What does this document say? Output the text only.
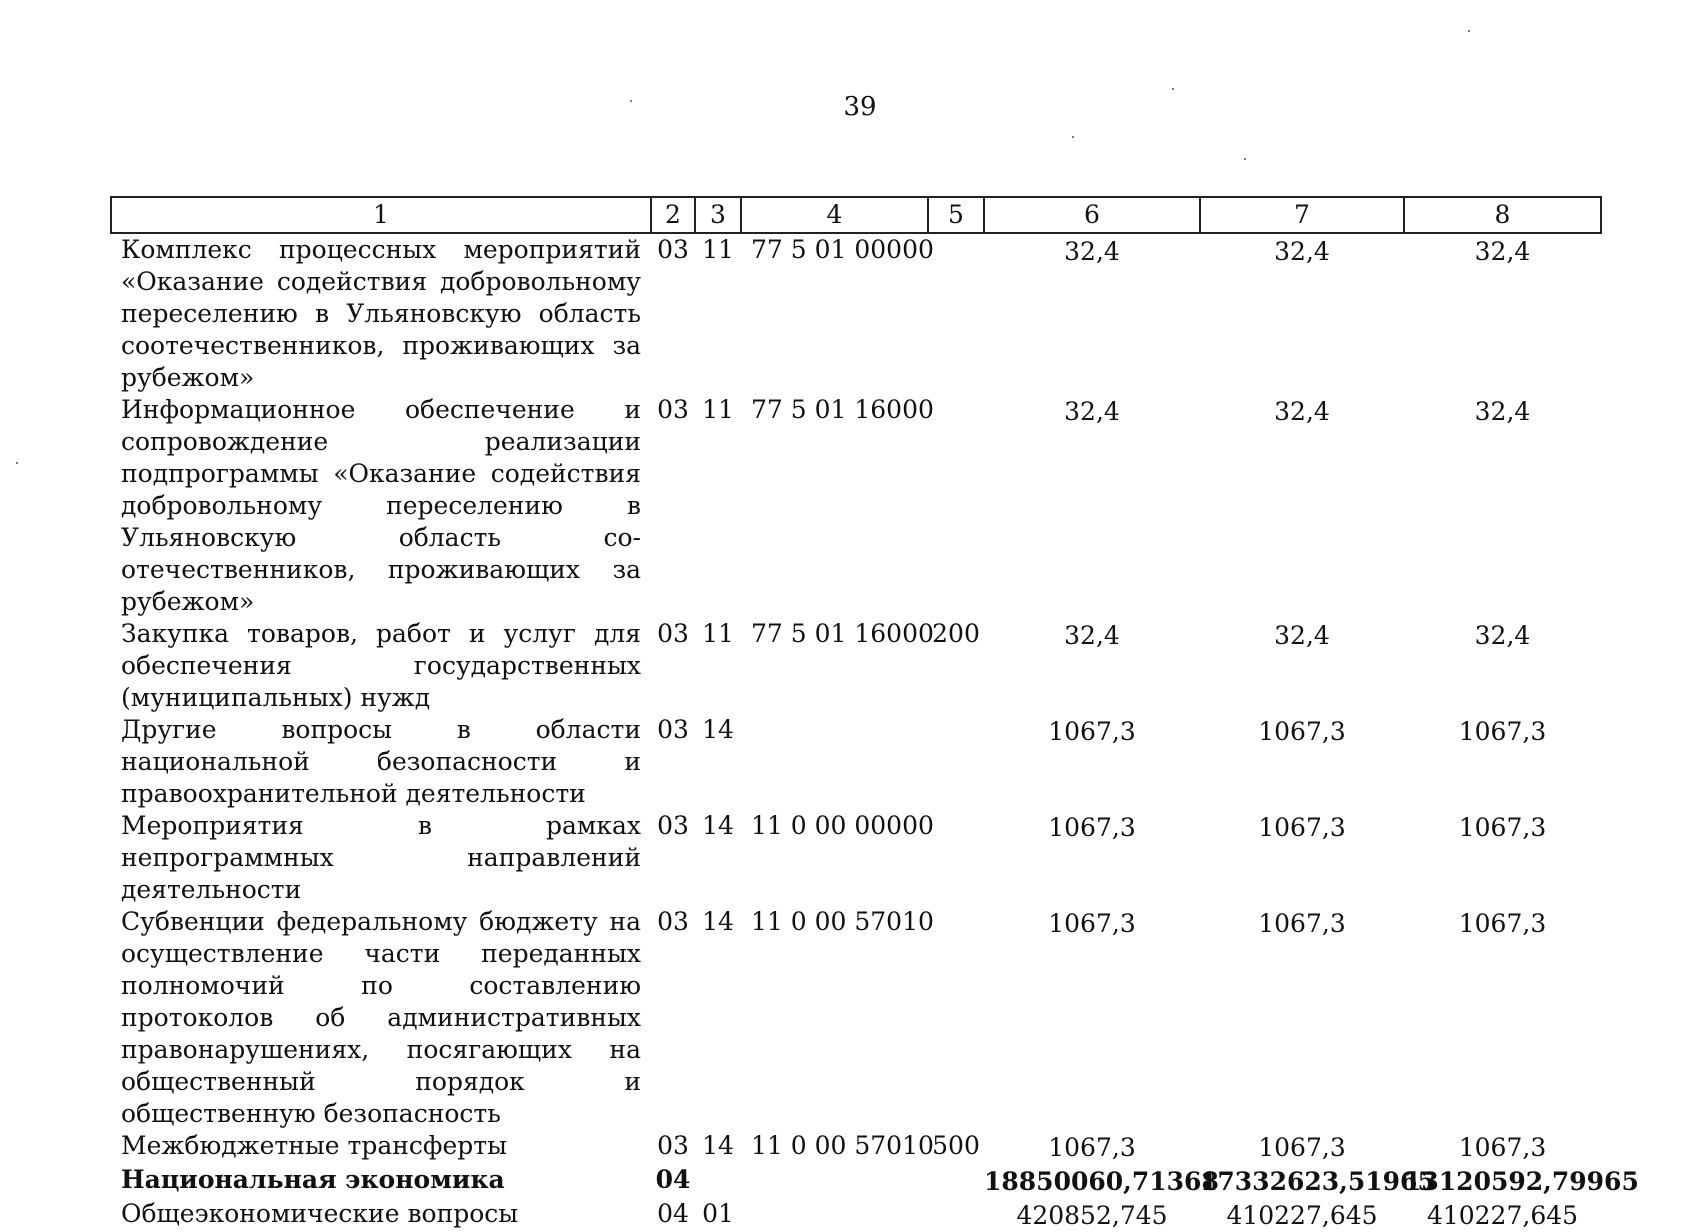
39
1	2	3	4	5	6	7	8
Комплекс процессных мероприятий «Оказание содействия добровольному переселению в Ульяновскую область соотечественников, проживающих за рубежом»	03	11	77 5 01 00000		32,4	32,4	32,4
Информационное обеспечение и сопровождение реализации подпрограммы «Оказание содействия добровольному переселению в Ульяновскую область соотечественников, проживающих за рубежом»	03	11	77 5 01 16000		32,4	32,4	32,4
Закупка товаров, работ и услуг для обеспечения государственных (муниципальных) нужд	03	11	77 5 01 16000	200	32,4	32,4	32,4
Другие вопросы в области национальной безопасности и правоохранительной деятельности	03	14			1067,3	1067,3	1067,3
Мероприятия в рамках непрограммных направлений деятельности	03	14	11 0 00 00000		1067,3	1067,3	1067,3
Субвенции федеральному бюджету на осуществление части переданных полномочий по составлению протоколов об административных правонарушениях, посягающих на общественный порядок и общественную безопасность	03	14	11 0 00 57010		1067,3	1067,3	1067,3
Межбюджетные трансферты	03	14	11 0 00 57010	500	1067,3	1067,3	1067,3
Национальная экономика	04				18850060,71368	17332623,51965	13120592,79965
Общеэкономические вопросы	04	01			420852,745	410227,645	410227,645
